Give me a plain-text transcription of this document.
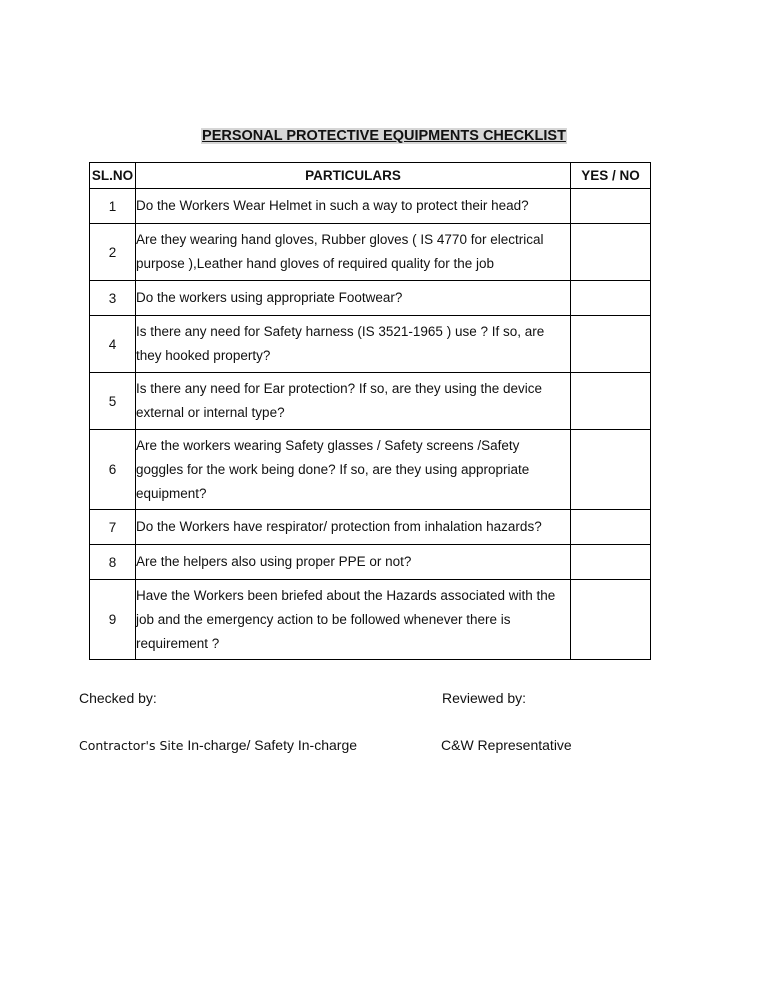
PERSONAL PROTECTIVE EQUIPMENTS CHECKLIST
SL.NO	PARTICULARS	YES / NO
1	Do the Workers Wear Helmet in such a way to protect their head?	
2	Are they wearing hand gloves, Rubber gloves ( IS 4770 for electrical purpose ),Leather hand gloves of required quality for the job	
3	Do the workers using appropriate Footwear?	
4	Is there any need for Safety harness (IS 3521-1965 ) use ? If so, are they hooked property?	
5	Is there any need for Ear protection? If so, are they using the device external or internal type?	
6	Are the workers wearing Safety glasses / Safety screens /Safety goggles for the work being done? If so, are they using appropriate equipment?	
7	Do the Workers have respirator/ protection from inhalation hazards?	
8	Are the helpers also using proper PPE or not?	
9	Have the Workers been briefed about the Hazards associated with the job and the emergency action to be followed whenever there is requirement ?	
Checked by:	Reviewed by:
Contractor's Site In-charge/ Safety In-charge	C&W Representative
